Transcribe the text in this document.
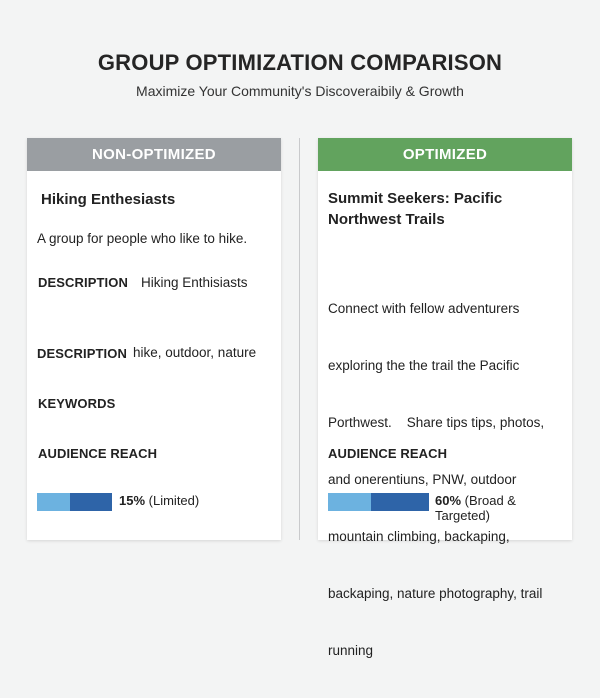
GROUP OPTIMIZATION COMPARISON
Maximize Your Community's Discoveraibily & Growth
NON-OPTIMIZED
Hiking Enthesiasts
A group for people who like to hike.
DESCRIPTION Hiking Enthisiasts
DESCRIPTION hike, outdoor, nature
KEYWORDS
AUDIENCE REACH
15% (Limited)
OPTIMIZED
Summit Seekers: Pacific
Northwest Trails

Connect with fellow adventurers

exploring the the trail the Pacific

Porthwest.    Share tips tips, photos,

and onerentiuns, PNW, outdoor

mountain climbing, backaping,

backaping, nature photography, trail

running

AUDIENCE REACH
60% (Broad & Targeted)
